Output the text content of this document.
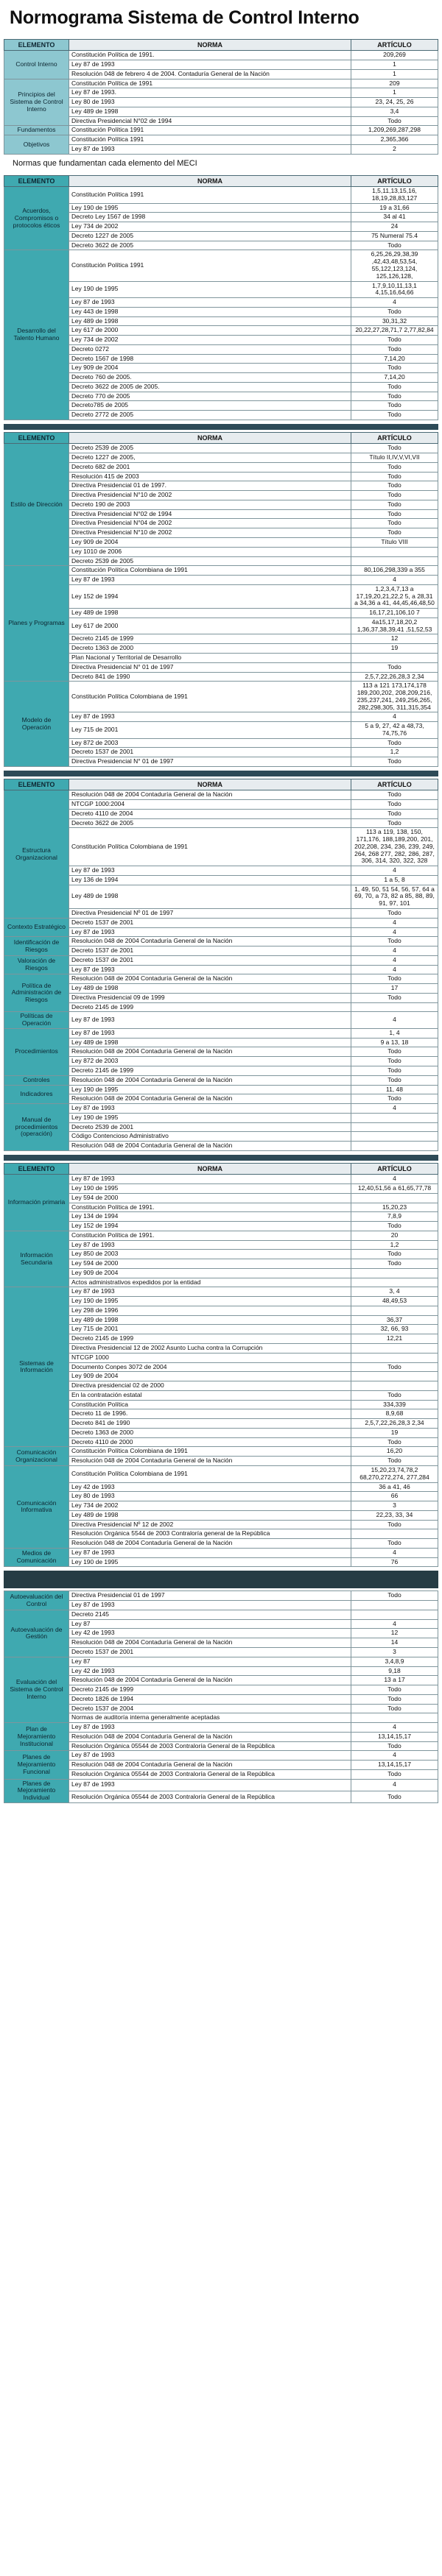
Normograma Sistema de Control Interno
ELEMENTO	NORMA	ARTÍCULO
Control Interno	Constitución Política de 1991.	209,269
	Ley 87 de 1993	1
	Resolución 048 de febrero 4 de 2004. Contaduría General de la Nación	1
Principios del Sistema de Control Interno	Constitución Política de 1991	209
	Ley 87 de 1993.	1
	Ley 80 de 1993	23, 24, 25, 26
	Ley 489 de 1998	3,4
	Directiva Presidencial N°02 de 1994	Todo
Fundamentos	Constitución Política 1991	1,209,269,287,298
Objetivos	Constitución Política 1991	2,365,366
	Ley 87 de 1993	2
Normas que fundamentan cada elemento del MECI
ELEMENTO	NORMA	ARTÍCULO
Acuerdos, Compromisos o protocolos éticos	Constitución Política 1991	1,5,11,13,15,16, 18,19,28,83,127
	Ley 190 de 1995	19 a 31,66
	Decreto Ley 1567 de 1998	34 al 41
	Ley 734 de 2002	24
	Decreto 1227 de 2005	75 Numeral 75.4
	Decreto 3622 de 2005	Todo
Desarrollo del Talento Humano	Constitución Política 1991	6,25,26,29,38,39 ,42,43,48,53,54, 55,122,123,124, 125,126,128,
	Ley 190 de 1995	1,7,9,10,11,13,1 4,15,16,64,66
	Ley 87 de 1993	4
	Ley 443 de 1998	Todo
	Ley 489 de 1998	30,31,32
	Ley 617 de 2000	20,22,27,28,71,7 2,77,82,84
	Ley 734 de 2002	Todo
	Decreto 0272	Todo
	Decreto 1567 de 1998	7,14,20
	Ley 909 de 2004	Todo
	Decreto 760 de 2005.	7,14,20
	Decreto 3622 de 2005 de 2005.	Todo
	Decreto 770 de 2005	Todo
	Decreto785 de 2005	Todo
	Decreto 2772 de 2005	Todo
ELEMENTO	NORMA	ARTÍCULO
Estilo de Dirección	Decreto 2539 de 2005	Todo
	Decreto 1227 de 2005,	Título II,IV,V,VI,VII
	Decreto 682 de 2001	Todo
	Resolución 415 de 2003	Todo
	Directiva Presidencial 01 de 1997.	Todo
	Directiva Presidencial N°10 de 2002	Todo
	Decreto 190 de 2003	Todo
	Directiva Presidencial N°02 de 1994	Todo
	Directiva Presidencial N°04 de 2002	Todo
	Directiva Presidencial N°10 de 2002	Todo
	Ley 909 de 2004	Título VIII
	Ley 1010 de 2006	
	Decreto 2539 de 2005	
Planes y Programas	Constitución Política Colombiana de 1991	80,106,298,339 a 355
	Ley 87 de 1993	4
	Ley 152 de 1994	1,2,3,4,7,13 a 17,19,20,21,22,2 5, a 28,31 a 34,36 a 41, 44,45,46,48,50
	Ley 489 de 1998	16,17,21,106,10 7
	Ley 617 de 2000	4a15,17,18,20,2 1,36,37,38,39,41 ,51,52,53
	Decreto 2145 de 1999	12
	Decreto 1363 de 2000	19
	Plan Nacional y Territorial de Desarrollo	
	Directiva Presidencial N° 01 de 1997	Todo
	Decreto 841 de 1990	2,5,7,22,26,28,3 2,34
Modelo de Operación	Constitución Política Colombiana de 1991	113 a 121 173,174,178 189,200,202, 208,209,216, 235,237,241, 249,256,265, 282,298,305, 311,315,354
	Ley 87 de 1993	4
	Ley 715 de 2001	5 a 9, 27, 42 a 48,73, 74,75,76
	Ley 872 de 2003	Todo
	Decreto 1537 de 2001	1,2
	Directiva Presidencial N° 01 de 1997	Todo
ELEMENTO	NORMA	ARTÍCULO
Estructura Organizacional	Resolución 048 de 2004 Contaduría General de la Nación	Todo
	NTCGP 1000:2004	Todo
	Decreto 4110 de 2004	Todo
	Decreto 3622 de 2005	Todo
	Constitución Política Colombiana de 1991	113 a 119, 138, 150, 171,176, 188,189,200, 201, 202,208, 234, 236, 239, 249, 264, 268 277, 282, 286, 287, 306, 314, 320, 322, 328
	Ley 87 de 1993	4
	Ley 136 de 1994	1 a 5, 8
	Ley 489 de 1998	1, 49, 50, 51 54, 56, 57, 64 a 69, 70, a 73, 82 a 85, 88, 89, 91, 97, 101
	Directiva Presidencial Nº 01 de 1997	Todo
Contexto Estratégico	Decreto 1537 de 2001	4
	Ley 87 de 1993	4
Identificación de Riesgos	Resolución 048 de 2004 Contaduría General de la Nación	Todo
	Decreto 1537 de 2001	4
Valoración de Riesgos	Decreto 1537 de 2001	4
	Ley 87 de 1993	4
Política de Administración de Riesgos	Resolución 048 de 2004 Contaduría General de la Nación	Todo
	Ley 489 de 1998	17
	Directiva Presidencial 09 de 1999	Todo
	Decreto 2145 de 1999	
Políticas de Operación	Ley 87 de 1993	4
Procedimientos	Ley 87 de 1993	1, 4
	Ley 489 de 1998	9 a 13, 18
	Resolución 048 de 2004 Contaduría General de la Nación	Todo
	Ley 872 de 2003	Todo
	Decreto 2145 de 1999	Todo
Controles	Resolución 048 de 2004 Contaduría General de la Nación	Todo
Indicadores	Ley 190 de 1995	11, 48
	Resolución 048 de 2004 Contaduría General de la Nación	Todo
Manual de procedimientos (operación)	Ley 87 de 1993	4
	Ley 190 de 1995	
	Decreto 2539 de 2001	
	Código Contencioso Administrativo	
	Resolución 048 de 2004 Contaduría General de la Nación	
ELEMENTO	NORMA	ARTÍCULO
Información primaria	Ley 87 de 1993	4
	Ley 190 de 1995	12,40,51,56 a 61,65,77,78
	Ley 594 de 2000	
	Constitución Política de 1991.	15,20,23
	Ley 134 de 1994	7,8,9
	Ley 152 de 1994	Todo
Información Secundaria	Constitución Política de 1991.	20
	Ley 87 de 1993	1,2
	Ley 850 de 2003	Todo
	Ley 594 de 2000	Todo
	Ley 909 de 2004	
	Actos administrativos expedidos por la entidad	
Sistemas de Información	Ley 87 de 1993	3, 4
	Ley 190 de 1995	48,49,53
	Ley 298 de 1996	
	Ley 489 de 1998	36,37
	Ley 715 de 2001	32, 66, 93
	Decreto 2145 de 1999	12,21
	Directiva Presidencial 12 de 2002 Asunto Lucha contra la Corrupción	
	NTCGP 1000	
	Documento Conpes 3072 de 2004	Todo
	Ley 909 de 2004	
	Directiva presidencial 02 de 2000	
	En la contratación estatal	Todo
	Constitución Política	334,339
	Decreto 11 de 1996.	8,9,68
	Decreto 841 de 1990	2,5,7,22,26,28,3 2,34
	Decreto 1363 de 2000	19
	Decreto 4110 de 2000	Todo
Comunicación Organizacional	Constitución Política Colombiana de 1991	16,20
	Resolución 048 de 2004 Contaduría General de la Nación	Todo
Comunicación Informativa	Constitución Política Colombiana de 1991	15,20,23,74,78,2 68,270,272,274, 277,284
	Ley 42 de 1993	36 a 41, 46
	Ley 80 de 1993	66
	Ley 734 de 2002	3
	Ley 489 de 1998	22,23, 33, 34
	Directiva Presidencial Nº 12 de 2002	Todo
	Resolución Orgánica 5544 de 2003 Contraloría general de la República	
	Resolución 048 de 2004 Contaduría General de la Nación	Todo
Medios de Comunicación	Ley 87 de 1993	4
	Ley 190 de 1995	76
Autoevaluación del Control	Directiva Presidencial 01 de 1997	Todo
	Ley 87 de 1993	
Autoevaluación de Gestión	Decreto 2145	
	Ley 87	4
	Ley 42 de 1993	12
	Resolución 048 de 2004 Contaduría General de la Nación	14
	Decreto 1537 de 2001	3
Evaluación del Sistema de Control Interno	Ley 87	3,4,8,9
	Ley 42 de 1993	9,18
	Resolución 048 de 2004 Contaduría General de la Nación	13 a 17
	Decreto 2145 de 1999	Todo
	Decreto 1826 de 1994	Todo
	Decreto 1537 de 2004	Todo
	Normas de auditoría interna generalmente aceptadas	
Plan de Mejoramiento Institucional	Ley 87 de 1993	4
	Resolución 048 de 2004 Contaduría General de la Nación	13,14,15,17
	Resolución Orgánica 05544 de 2003 Contraloría General de la República	Todo
Planes de Mejoramiento Funcional	Ley 87 de 1993	4
	Resolución 048 de 2004 Contaduría General de la Nación	13,14,15,17
	Resolución Orgánica 05544 de 2003 Contraloría General de la República	Todo
Planes de Mejoramiento Individual	Ley 87 de 1993	4
	Resolución Orgánica 05544 de 2003 Contraloría General de la República	Todo
